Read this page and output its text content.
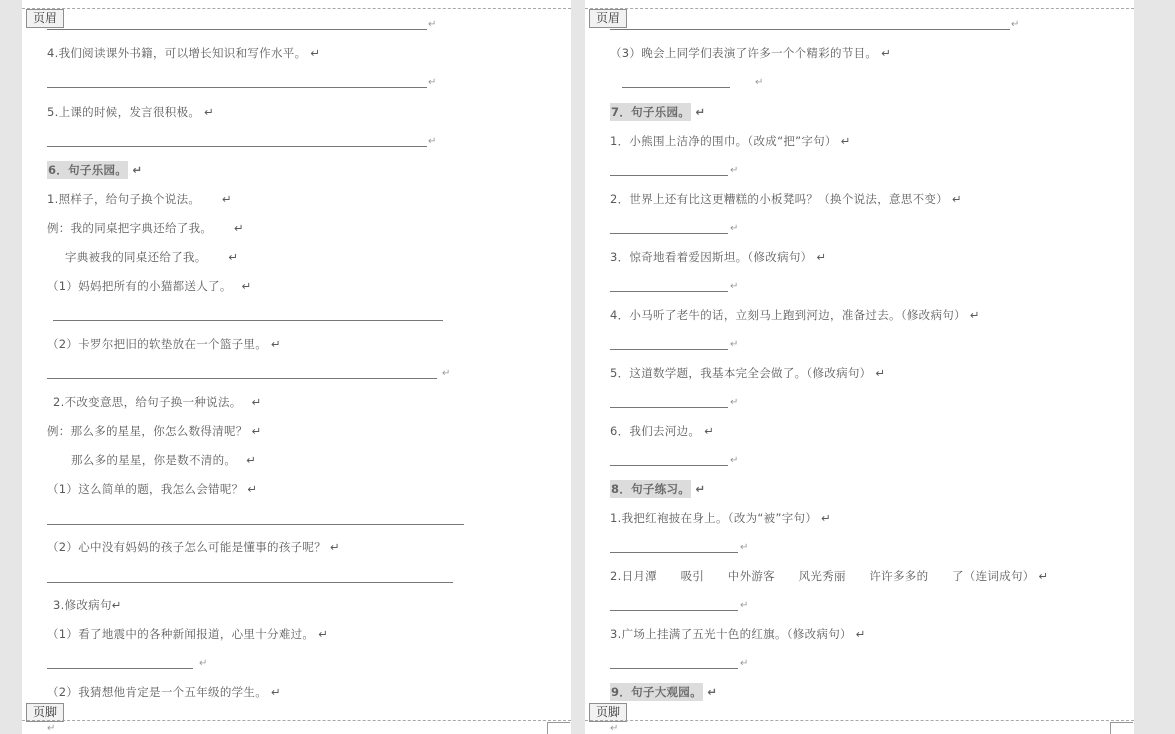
页眉	↵
4.我们阅读课外书籍，可以增长知识和写作水平。 ↵
↵
5.上课的时候，发言很积极。 ↵
↵
6．句子乐园。 ↵
1.照样子，给句子换个说法。　　 ↵
例：我的同桌把字典还给了我。　　 ↵
字典被我的同桌还给了我。　　 ↵
（1）妈妈把所有的小猫都送人了。　 ↵
（2）卡罗尔把旧的软垫放在一个篮子里。 ↵
↵
2.不改变意思，给句子换一种说法。　 ↵
例：那么多的星星，你怎么数得清呢？ ↵
那么多的星星，你是数不清的。　 ↵
（1）这么简单的题，我怎么会错呢？ ↵
（2）心中没有妈妈的孩子怎么可能是懂事的孩子呢？ ↵
3.修改病句↵
（1）看了地震中的各种新闻报道，心里十分难过。 ↵
↵
（2）我猜想他肯定是一个五年级的学生。 ↵
页脚
↵
页眉	↵
（3）晚会上同学们表演了许多一个个精彩的节目。 ↵
↵
7．句子乐园。 ↵
1．小熊围上洁净的围巾。（改成“把”字句） ↵
↵
2．世界上还有比这更糟糕的小板凳吗？（换个说法，意思不变） ↵
↵
3．惊奇地看着爱因斯坦。（修改病句） ↵
↵
4．小马听了老牛的话，立刻马上跑到河边，准备过去。（修改病句） ↵
↵
5．这道数学题，我基本完全会做了。（修改病句） ↵
↵
6．我们去河边。 ↵
↵
8．句子练习。 ↵
1.我把红袍披在身上。（改为“被”字句） ↵
↵
2.日月潭　　吸引　　中外游客　　风光秀丽　　许许多多的　　了（连词成句） ↵
↵
3.广场上挂满了五光十色的红旗。（修改病句） ↵
↵
9．句子大观园。 ↵
页脚
↵
